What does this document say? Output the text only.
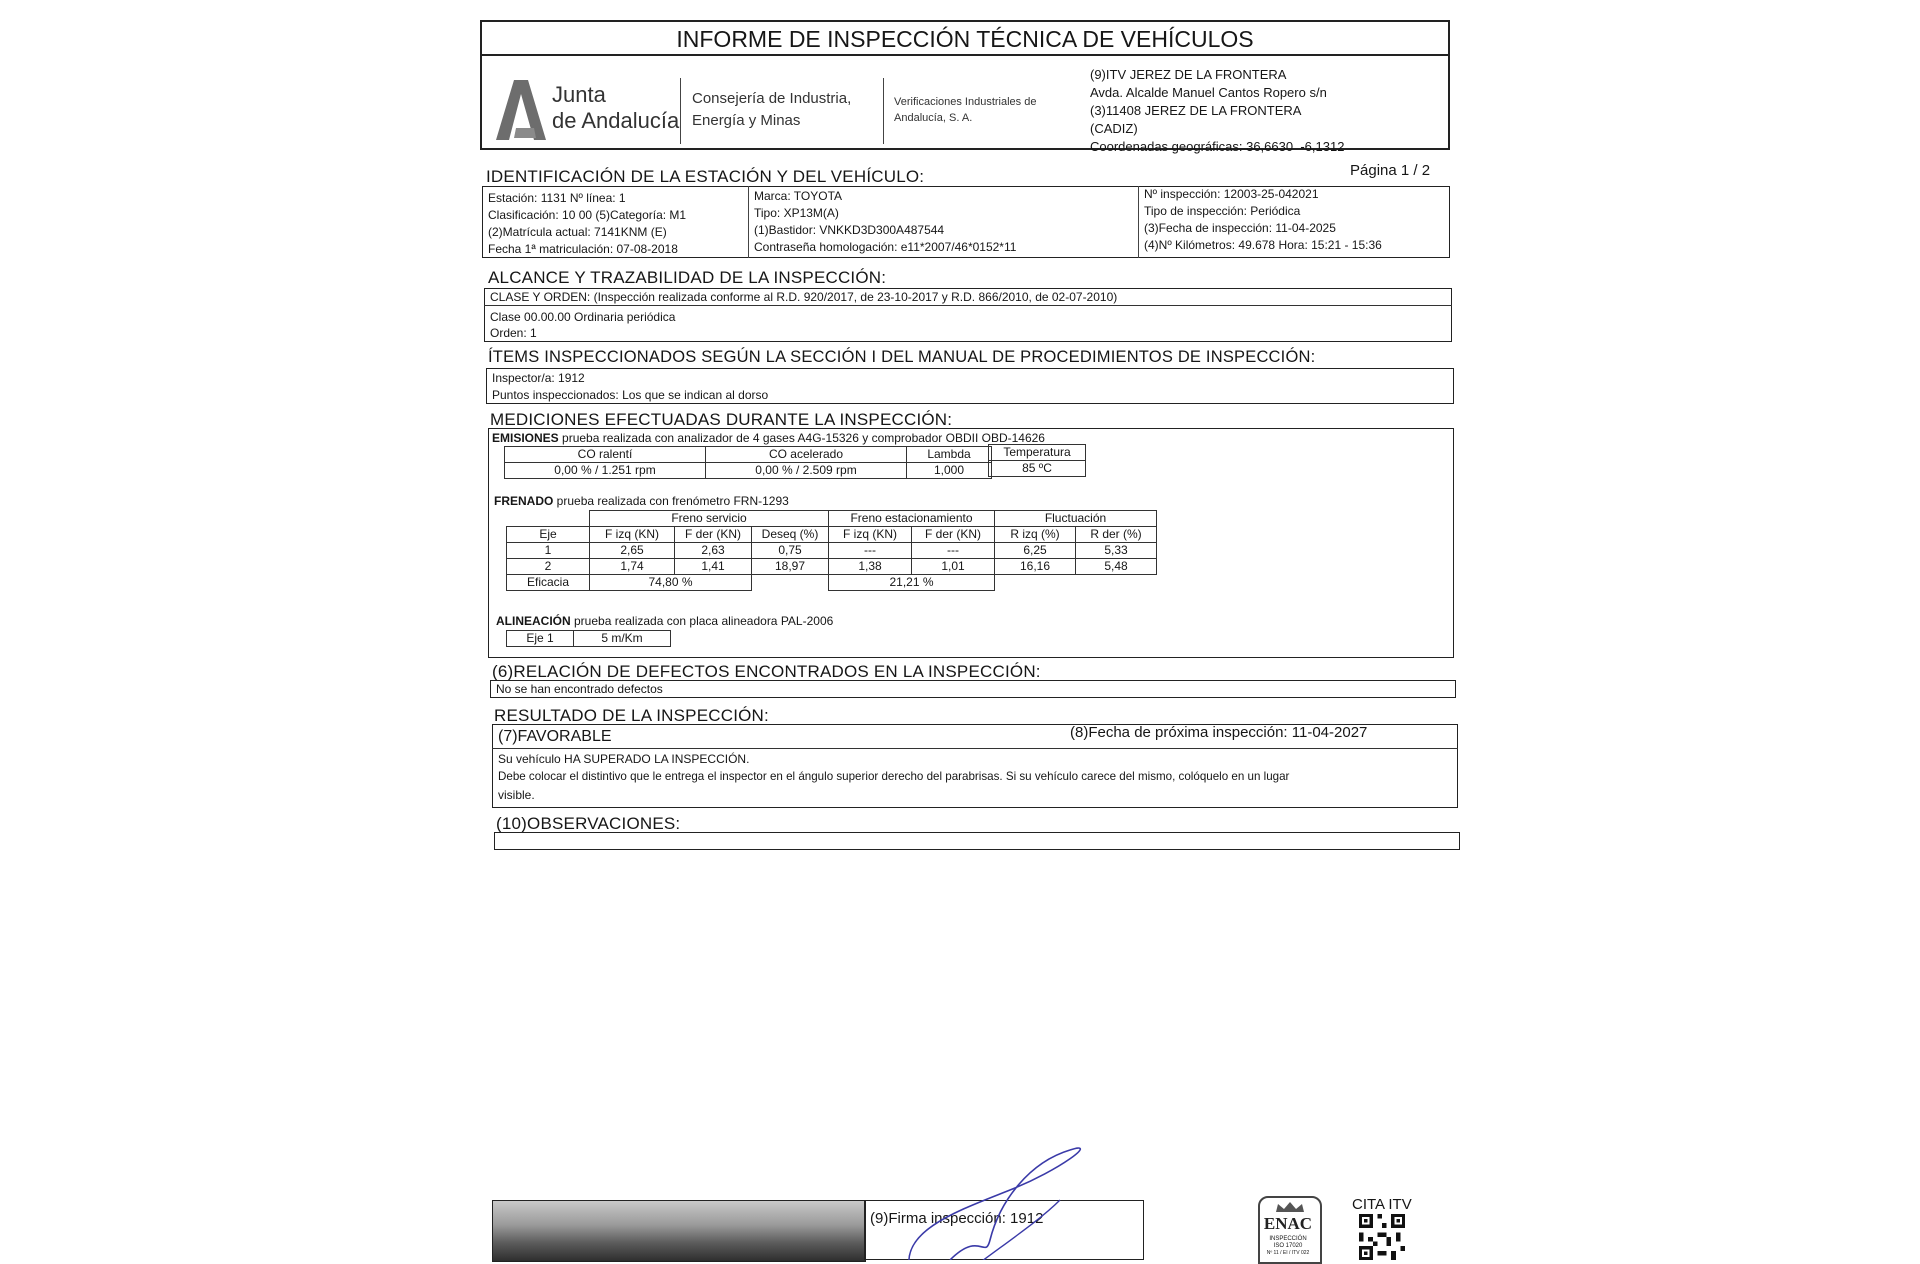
INFORME DE INSPECCIÓN TÉCNICA DE VEHÍCULOS
Junta
de Andalucía
Consejería de Industria,
Energía y Minas
Verificaciones Industriales de
Andalucía, S. A.
(9)ITV JEREZ DE LA FRONTERA
Avda. Alcalde Manuel Cantos Ropero s/n
(3)11408 JEREZ DE LA FRONTERA
(CADIZ)
Coordenadas geográficas: 36,6630 -6,1312
IDENTIFICACIÓN DE LA ESTACIÓN Y DEL VEHÍCULO:	Página 1 / 2
Estación: 1131 Nº línea: 1
Clasificación: 10 00 (5)Categoría: M1
(2)Matrícula actual: 7141KNM (E)
Fecha 1ª matriculación: 07-08-2018
Marca: TOYOTA
Tipo: XP13M(A)
(1)Bastidor: VNKKD3D300A487544
Contraseña homologación: e11*2007/46*0152*11
Nº inspección: 12003-25-042021
Tipo de inspección: Periódica
(3)Fecha de inspección: 11-04-2025
(4)Nº Kilómetros: 49.678 Hora: 15:21 - 15:36
ALCANCE Y TRAZABILIDAD DE LA INSPECCIÓN:
CLASE Y ORDEN: (Inspección realizada conforme al R.D. 920/2017, de 23-10-2017 y R.D. 866/2010, de 02-07-2010)
Clase 00.00.00 Ordinaria periódica
Orden: 1
ÍTEMS INSPECCIONADOS SEGÚN LA SECCIÓN I DEL MANUAL DE PROCEDIMIENTOS DE INSPECCIÓN:
Inspector/a: 1912
Puntos inspeccionados: Los que se indican al dorso
MEDICIONES EFECTUADAS DURANTE LA INSPECCIÓN:
EMISIONES prueba realizada con analizador de 4 gases A4G-15326 y comprobador OBDII OBD-14626
CO ralentí	CO acelerado	Lambda
0,00 % / 1.251 rpm	0,00 % / 2.509 rpm	1,000
Temperatura
85 ºC
FRENADO prueba realizada con frenómetro FRN-1293
	Freno servicio			Freno estacionamiento		Fluctuación	
Eje	F izq (KN)	F der (KN)	Deseq (%)	F izq (KN)	F der (KN)	R izq (%)	R der (%)
1	2,65	2,63	0,75	---	---	6,25	5,33
2	1,74	1,41	18,97	1,38	1,01	16,16	5,48
Eficacia	74,80 %			21,21 %			
ALINEACIÓN prueba realizada con placa alineadora PAL-2006
Eje 1	5 m/Km
(6)RELACIÓN DE DEFECTOS ENCONTRADOS EN LA INSPECCIÓN:
No se han encontrado defectos
RESULTADO DE LA INSPECCIÓN:
(7)FAVORABLE	(8)Fecha de próxima inspección: 11-04-2027
Su vehículo HA SUPERADO LA INSPECCIÓN.
Debe colocar el distintivo que le entrega el inspector en el ángulo superior derecho del parabrisas. Si su vehículo carece del mismo, colóquelo en un lugar
visible.
(10)OBSERVACIONES:
(9)Firma inspección: 1912	ENAC
INSPECCIÓN
ISO 17020
Nº 11 / EI / ITV 022
CITA ITV
